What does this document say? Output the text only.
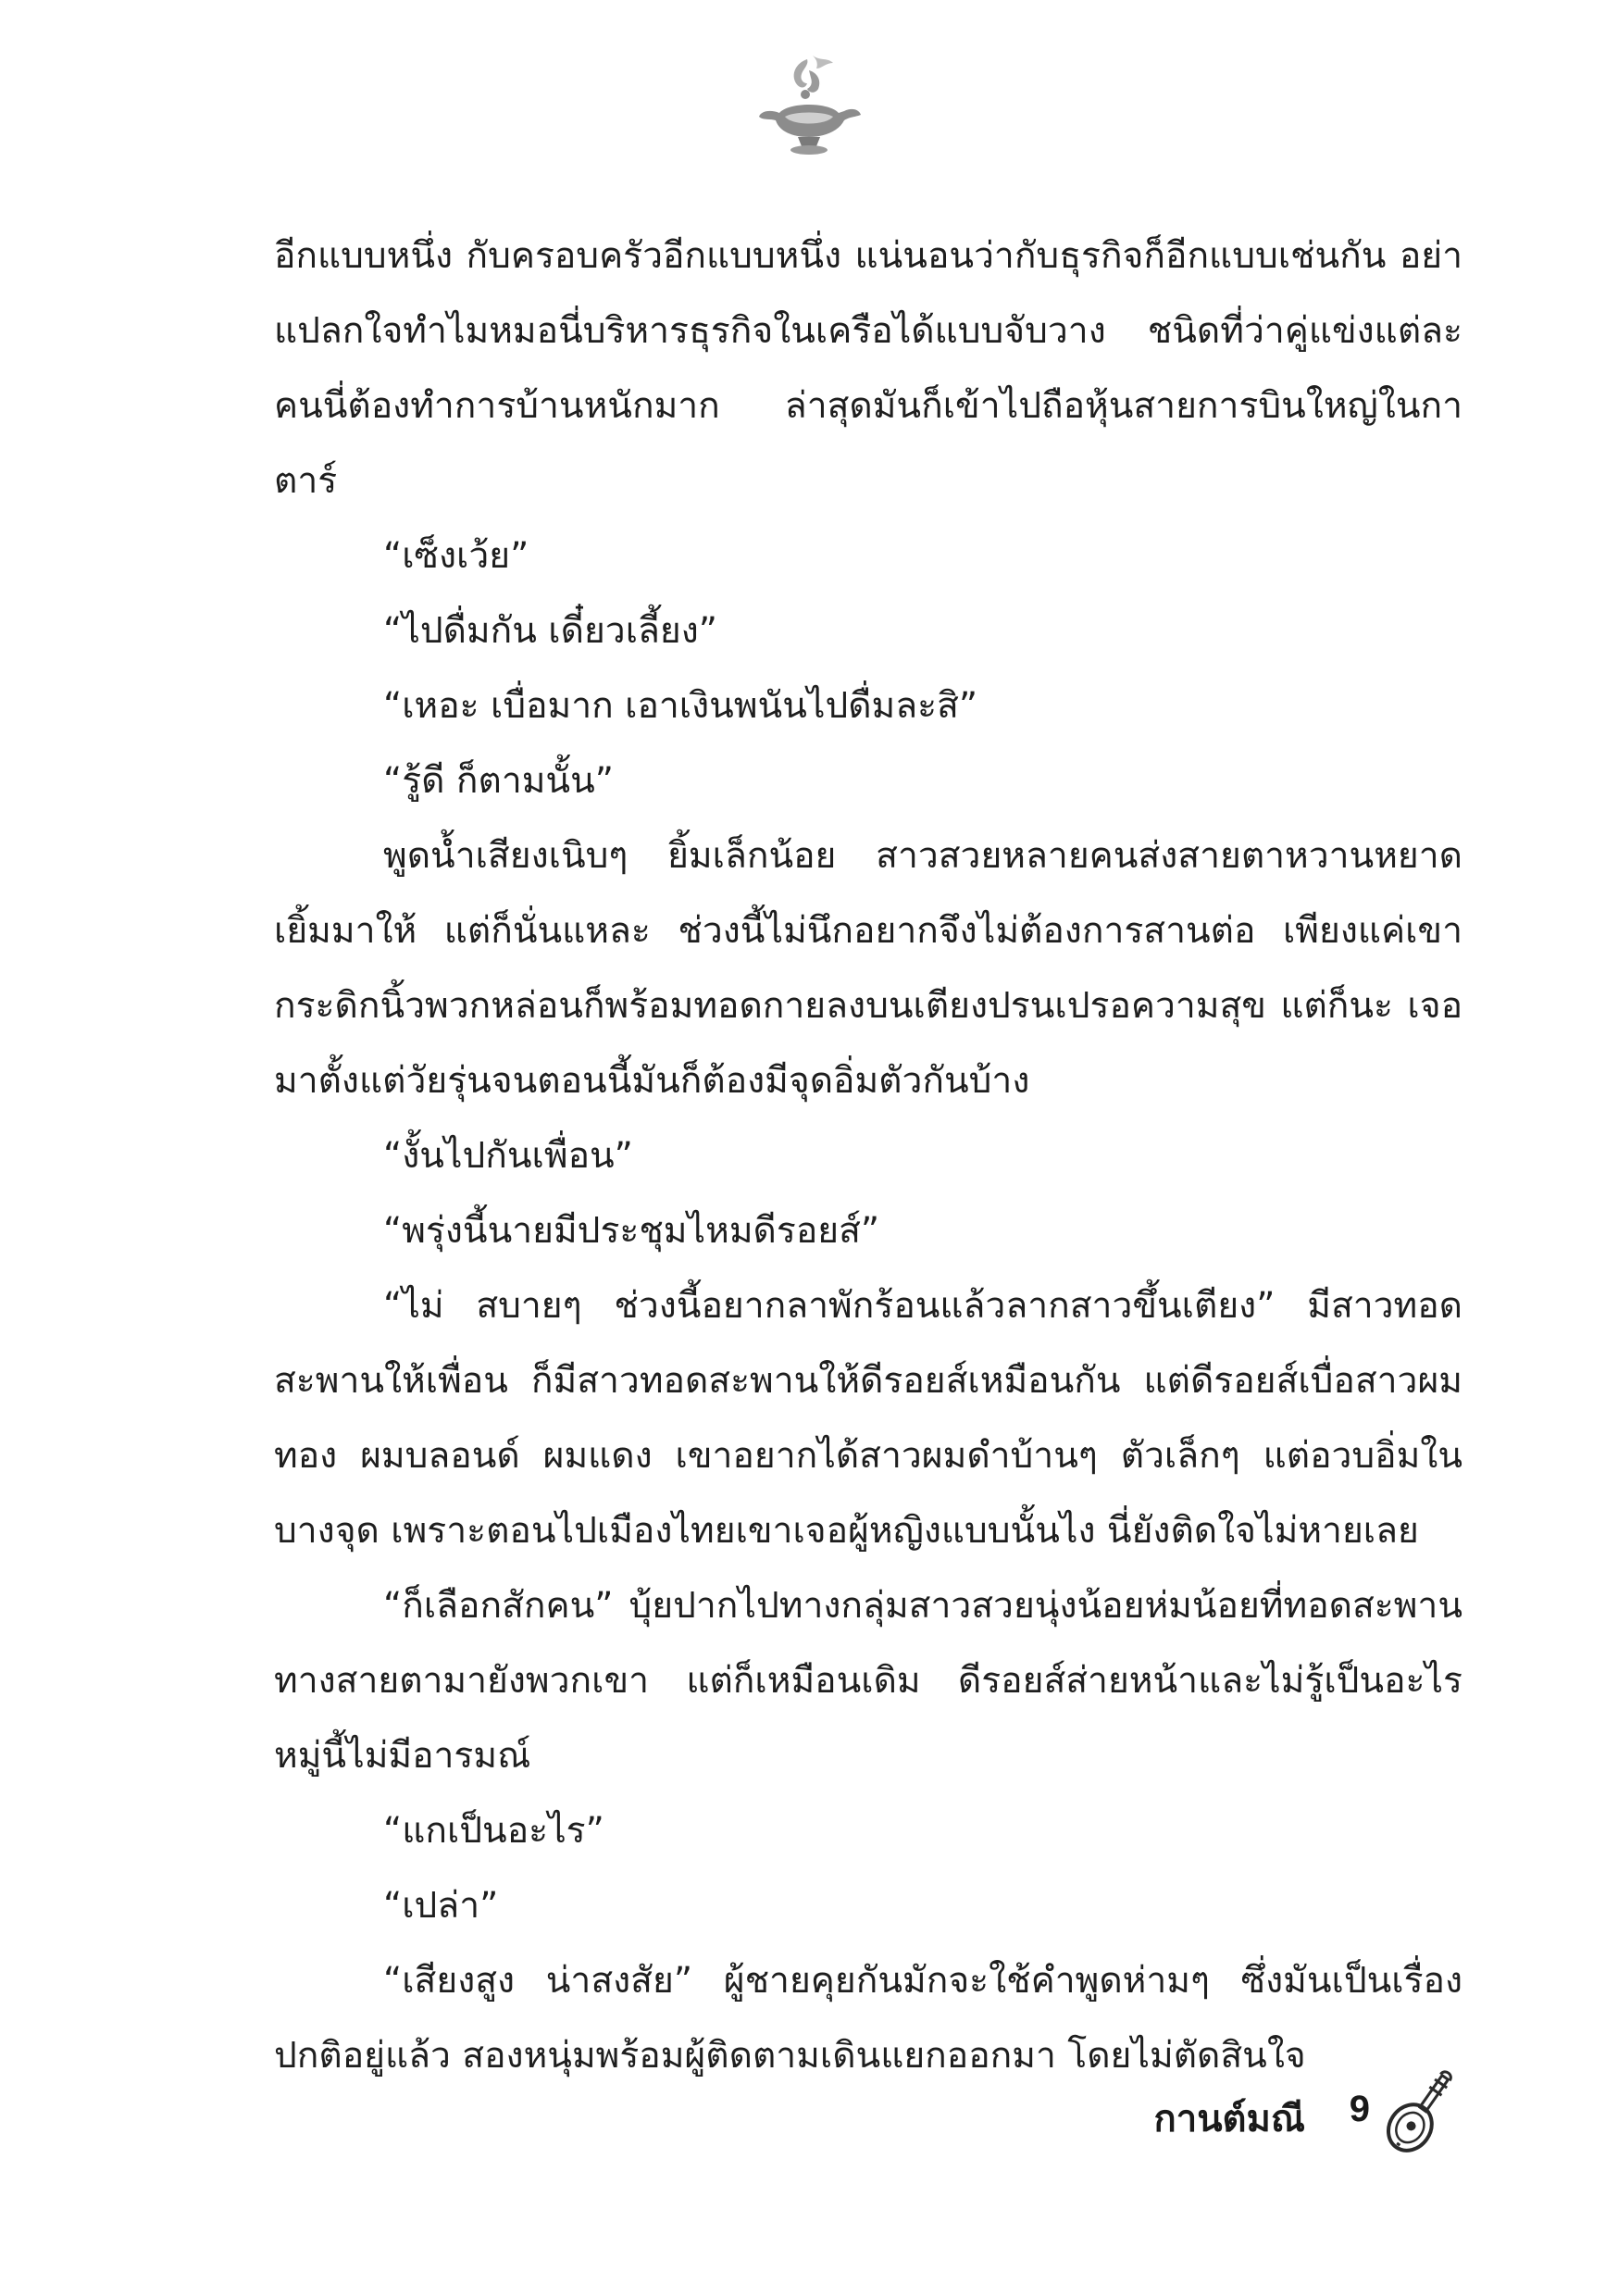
อีกแบบหนึ่ง กับครอบครัวอีกแบบหนึ่ง แน่นอนว่ากับธุรกิจก็อีกแบบเช่นกัน อย่าแปลกใจทำไมหมอนี่บริหารธุรกิจในเครือได้แบบจับวาง ชนิดที่ว่าคู่แข่งแต่ละคนนี่ต้องทำการบ้านหนักมาก ล่าสุดมันก็เข้าไปถือหุ้นสายการบินใหญ่ในกาตาร์

“เซ็งเว้ย”

“ไปดื่มกัน เดี๋ยวเลี้ยง”

“เหอะ เบื่อมาก เอาเงินพนันไปดื่มละสิ”

“รู้ดี ก็ตามนั้น”

พูดน้ำเสียงเนิบๆ ยิ้มเล็กน้อย สาวสวยหลายคนส่งสายตาหวานหยาดเยิ้มมาให้ แต่ก็นั่นแหละ ช่วงนี้ไม่นึกอยากจึงไม่ต้องการสานต่อ เพียงแค่เขากระดิกนิ้วพวกหล่อนก็พร้อมทอดกายลงบนเตียงปรนเปรอความสุข แต่ก็นะ เจอมาตั้งแต่วัยรุ่นจนตอนนี้มันก็ต้องมีจุดอิ่มตัวกันบ้าง

“งั้นไปกันเพื่อน”

“พรุ่งนี้นายมีประชุมไหมดีรอยส์”

“ไม่ สบายๆ ช่วงนี้อยากลาพักร้อนแล้วลากสาวขึ้นเตียง” มีสาวทอดสะพานให้เพื่อน ก็มีสาวทอดสะพานให้ดีรอยส์เหมือนกัน แต่ดีรอยส์เบื่อสาวผมทอง ผมบลอนด์ ผมแดง เขาอยากได้สาวผมดำบ้านๆ ตัวเล็กๆ แต่อวบอิ่มในบางจุด เพราะตอนไปเมืองไทยเขาเจอผู้หญิงแบบนั้นไง นี่ยังติดใจไม่หายเลย

“ก็เลือกสักคน” บุ้ยปากไปทางกลุ่มสาวสวยนุ่งน้อยห่มน้อยที่ทอดสะพานทางสายตามายังพวกเขา แต่ก็เหมือนเดิม ดีรอยส์ส่ายหน้าและไม่รู้เป็นอะไร หมู่นี้ไม่มีอารมณ์

“แกเป็นอะไร”

“เปล่า”

“เสียงสูง น่าสงสัย” ผู้ชายคุยกันมักจะใช้คำพูดห่ามๆ ซึ่งมันเป็นเรื่องปกติอยู่แล้ว สองหนุ่มพร้อมผู้ติดตามเดินแยกออกมา โดยไม่ตัดสินใจ

กานต์มณี 9
